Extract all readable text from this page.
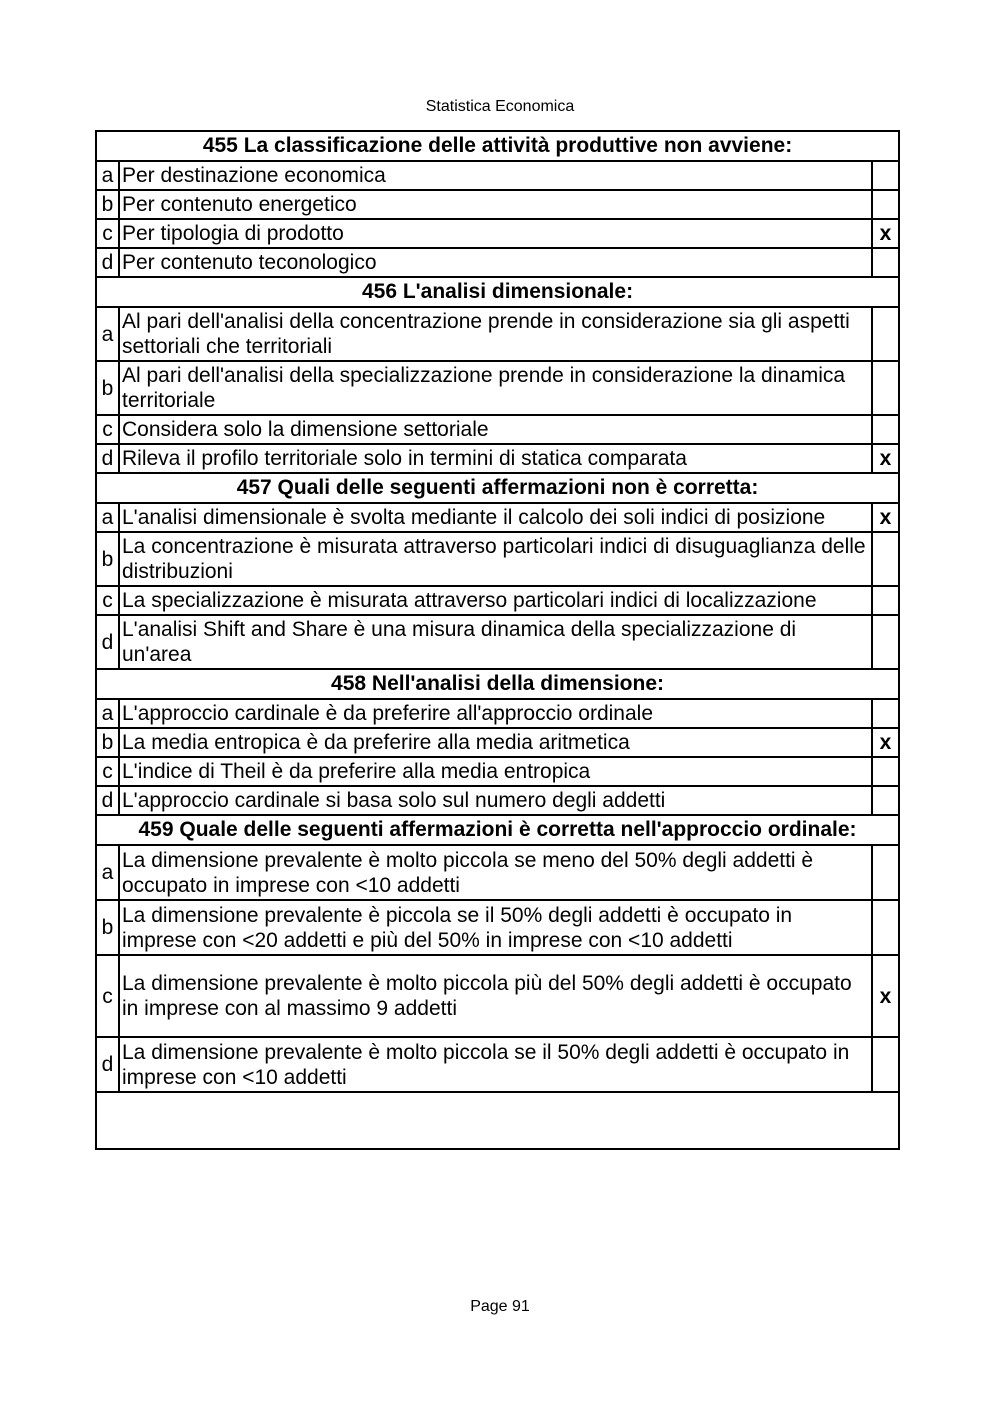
Statistica Economica
455 La classificazione delle attività produttive non avviene:		
a	Per destinazione economica	
b	Per contenuto energetico	
c	Per tipologia di prodotto	x
d	Per contenuto teconologico	
456 L'analisi dimensionale:		
a	Al pari dell'analisi della concentrazione prende in considerazione sia gli aspetti settoriali che territoriali	
b	Al pari dell'analisi della specializzazione prende in considerazione la dinamica territoriale	
c	Considera solo la dimensione settoriale	
d	Rileva il profilo territoriale solo in termini di statica comparata	x
457 Quali delle seguenti affermazioni non è corretta:		
a	L'analisi dimensionale è svolta mediante il calcolo dei soli indici di posizione	x
b	La concentrazione è misurata attraverso particolari indici di disuguaglianza delle distribuzioni	
c	La specializzazione è misurata attraverso particolari indici di localizzazione	
d	L'analisi Shift and Share è una misura dinamica della specializzazione di un'area	
458 Nell'analisi della dimensione:		
a	L'approccio cardinale è da preferire all'approccio ordinale	
b	La media entropica è da preferire alla media aritmetica	x
c	L'indice di Theil è da preferire alla media entropica	
d	L'approccio cardinale si basa solo sul numero degli addetti	
459 Quale delle seguenti affermazioni è corretta nell'approccio ordinale:		
a	La dimensione prevalente è molto piccola se meno del 50% degli addetti è occupato in imprese con <10 addetti	
b	La dimensione prevalente è piccola se il 50% degli addetti è occupato in imprese con <20 addetti e più del 50% in imprese con <10 addetti	
c	La dimensione prevalente è molto piccola più del 50% degli addetti è occupato in imprese con al massimo 9 addetti	x
d	La dimensione prevalente è molto piccola se il 50% degli addetti è occupato in imprese con <10 addetti	

Page 91
